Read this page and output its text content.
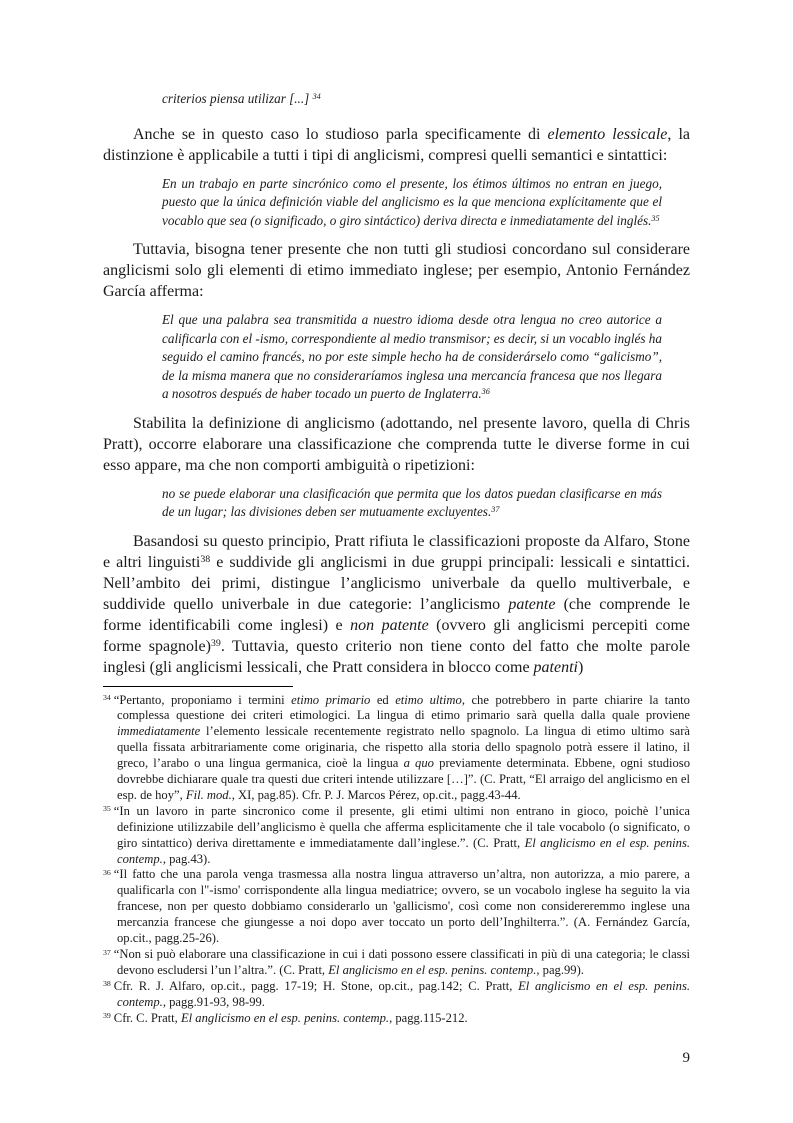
criterios piensa utilizar [...] $^{34}$

Anche se in questo caso lo studioso parla specificamente di elemento lessicale, la distinzione è applicabile a tutti i tipi di anglicismi, compresi quelli semantici e sintattici:

En un trabajo en parte sincrónico como el presente, los étimos últimos no entran en juego, puesto que la única definición viable del anglicismo es la que menciona explícitamente que el vocablo que sea (o significado, o giro sintáctico) deriva directa e inmediatamente del inglés.$^{35}$

Tuttavia, bisogna tener presente che non tutti gli studiosi concordano sul considerare anglicismi solo gli elementi di etimo immediato inglese; per esempio, Antonio Fernández García afferma:

El que una palabra sea transmitida a nuestro idioma desde otra lengua no creo autorice a calificarla con el -ismo, correspondiente al medio transmisor; es decir, si un vocablo inglés ha seguido el camino francés, no por este simple hecho ha de considerárselo como “galicismo”, de la misma manera que no consideraríamos inglesa una mercancía francesa que nos llegara a nosotros después de haber tocado un puerto de Inglaterra.$^{36}$

Stabilita la definizione di anglicismo (adottando, nel presente lavoro, quella di Chris Pratt), occorre elaborare una classificazione che comprenda tutte le diverse forme in cui esso appare, ma che non comporti ambiguità o ripetizioni:

no se puede elaborar una clasificación que permita que los datos puedan clasificarse en más de un lugar; las divisiones deben ser mutuamente excluyentes.$^{37}$

Basandosi su questo principio, Pratt rifiuta le classificazioni proposte da Alfaro, Stone e altri linguisti$^{38}$ e suddivide gli anglicismi in due gruppi principali: lessicali e sintattici. Nell’ambito dei primi, distingue l’anglicismo univerbale da quello multiverbale, e suddivide quello univerbale in due categorie: l’anglicismo patente (che comprende le forme identificabili come inglesi) e non patente (ovvero gli anglicismi percepiti come forme spagnole)$^{39}$. Tuttavia, questo criterio non tiene conto del fatto che molte parole inglesi (gli anglicismi lessicali, che Pratt considera in blocco come patenti)

$^{34}$ “Pertanto, proponiamo i termini etimo primario ed etimo ultimo, che potrebbero in parte chiarire la tanto complessa questione dei criteri etimologici. La lingua di etimo primario sarà quella dalla quale proviene immediatamente l’elemento lessicale recentemente registrato nello spagnolo. La lingua di etimo ultimo sarà quella fissata arbitrariamente come originaria, che rispetto alla storia dello spagnolo potrà essere il latino, il greco, l’arabo o una lingua germanica, cioè la lingua a quo previamente determinata. Ebbene, ogni studioso dovrebbe dichiarare quale tra questi due criteri intende utilizzare […]”. (C. Pratt, “El arraigo del anglicismo en el esp. de hoy”, Fil. mod., XI, pag.85). Cfr. P. J. Marcos Pérez, op.cit., pagg.43-44.
$^{35}$ “In un lavoro in parte sincronico come il presente, gli etimi ultimi non entrano in gioco, poichè l’unica definizione utilizzabile dell’anglicismo è quella che afferma esplicitamente che il tale vocabolo (o significato, o giro sintattico) deriva direttamente e immediatamente dall’inglese.”. (C. Pratt, El anglicismo en el esp. penins. contemp., pag.43).
$^{36}$ “Il fatto che una parola venga trasmessa alla nostra lingua attraverso un’altra, non autorizza, a mio parere, a qualificarla con l"-ismo' corrispondente alla lingua mediatrice; ovvero, se un vocabolo inglese ha seguito la via francese, non per questo dobbiamo considerarlo un 'gallicismo', così come non considereremmo inglese una mercanzia francese che giungesse a noi dopo aver toccato un porto dell’Inghilterra.”. (A. Fernández García, op.cit., pagg.25-26).
$^{37}$ “Non si può elaborare una classificazione in cui i dati possono essere classificati in più di una categoria; le classi devono escludersi l’un l’altra.”. (C. Pratt, El anglicismo en el esp. penins. contemp., pag.99).
$^{38}$ Cfr. R. J. Alfaro, op.cit., pagg. 17-19; H. Stone, op.cit., pag.142; C. Pratt, El anglicismo en el esp. penins. contemp., pagg.91-93, 98-99.
$^{39}$ Cfr. C. Pratt, El anglicismo en el esp. penins. contemp., pagg.115-212.
9
